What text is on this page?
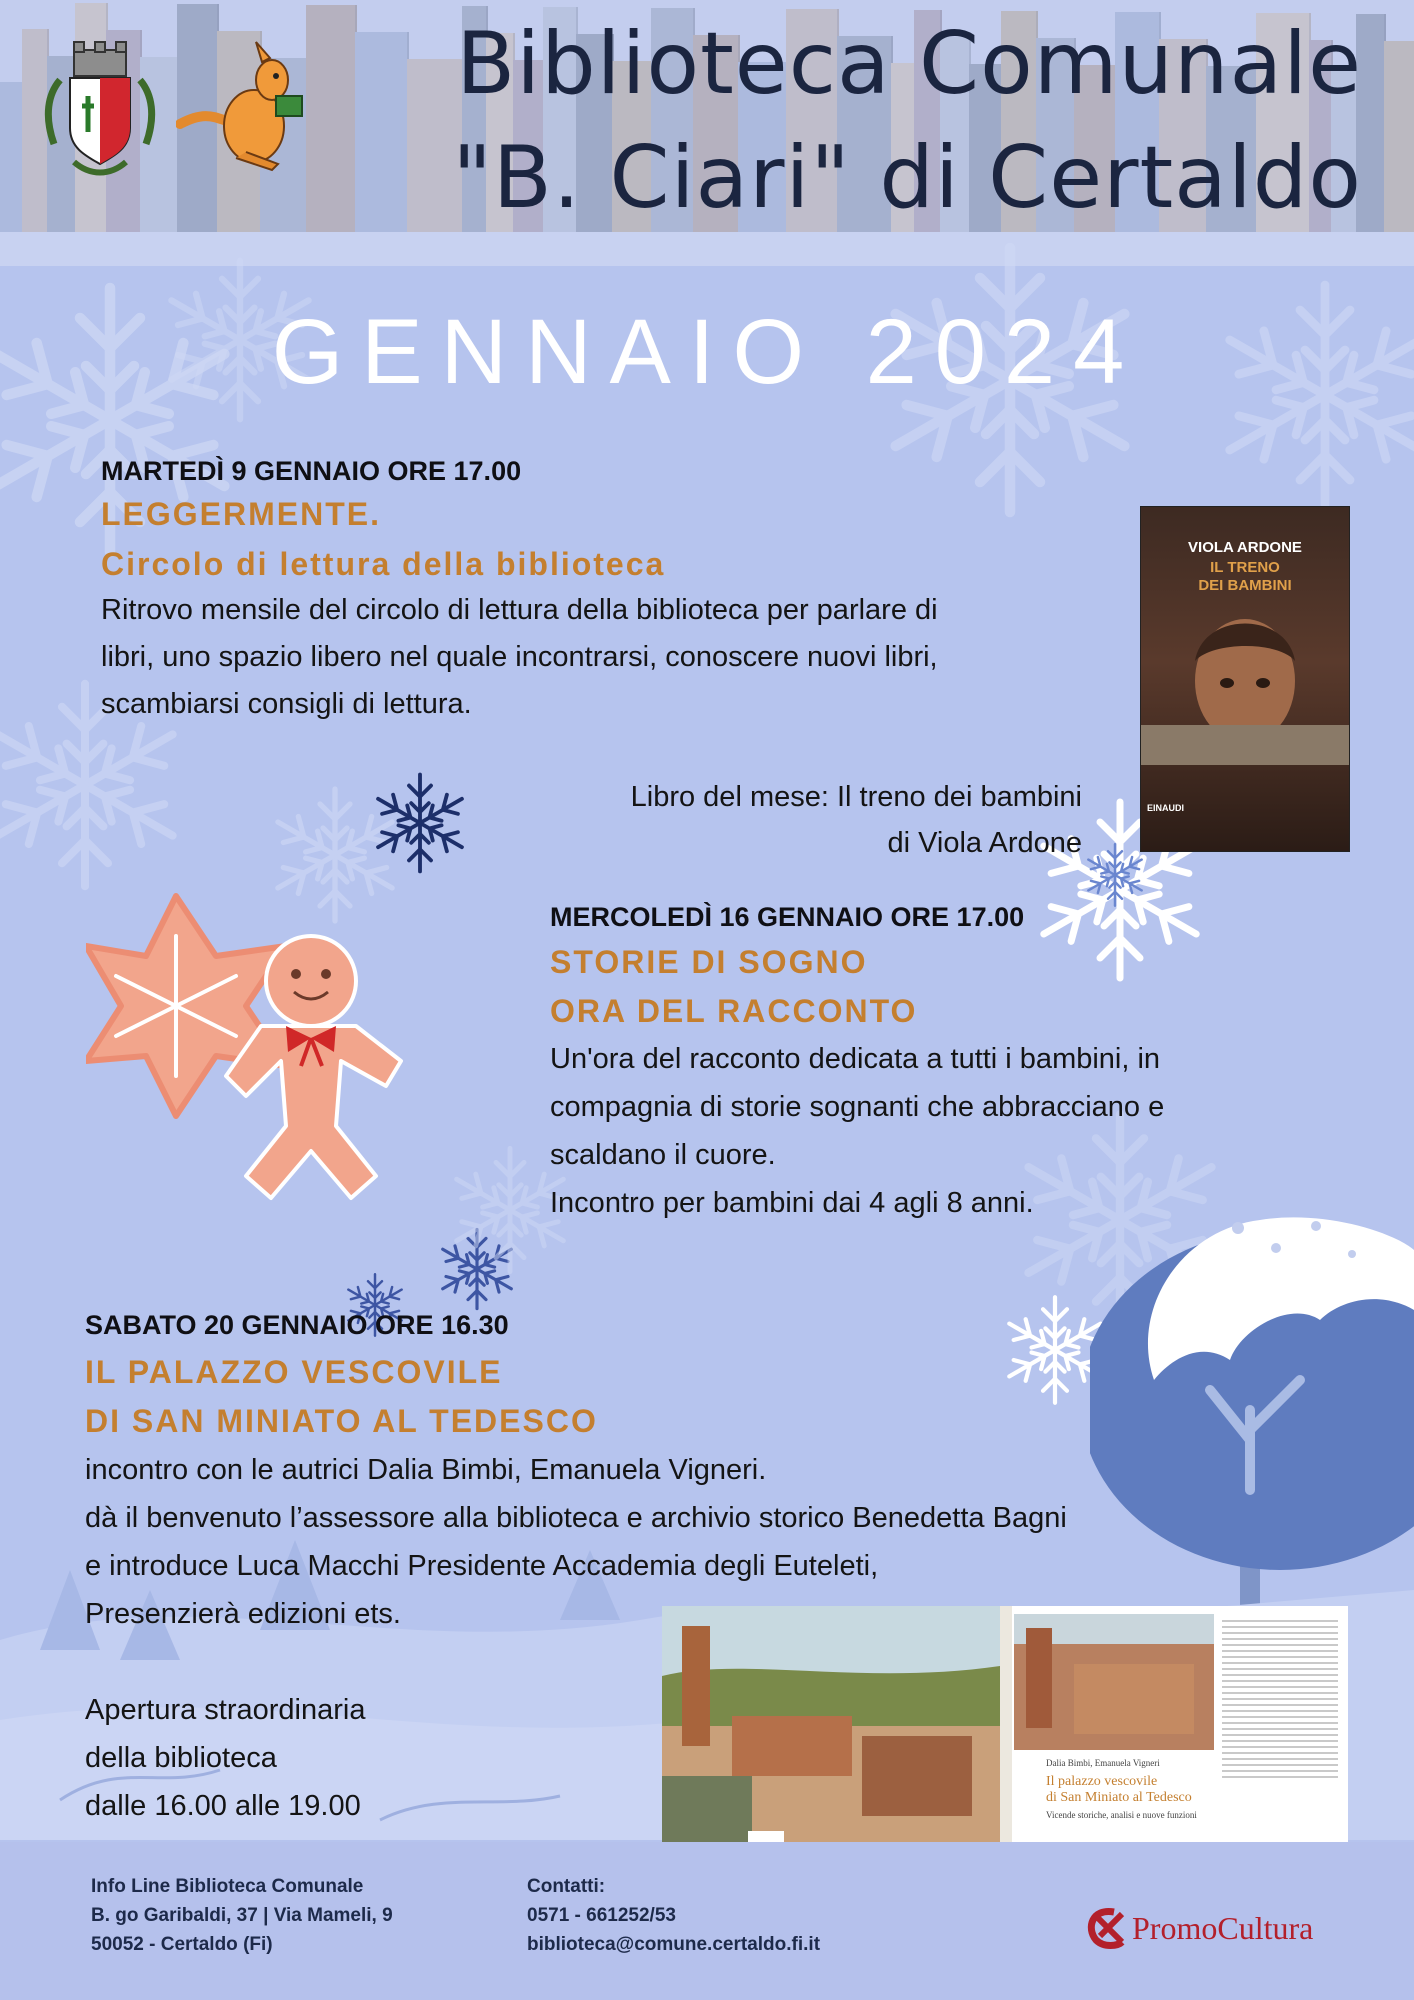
Biblioteca Comunale
"B. Ciari" di Certaldo
GENNAIO 2024
MARTEDÌ 9 GENNAIO ORE 17.00
LEGGERMENTE.
Circolo di lettura della biblioteca
Ritrovo mensile del circolo di lettura della biblioteca per parlare di
libri, uno spazio libero nel quale incontrarsi, conoscere nuovi libri,
scambiarsi consigli di lettura.
Libro del mese: Il treno dei bambini
di Viola Ardone
VIOLA ARDONE
IL TRENO
DEI BAMBINI
EINAUDI
MERCOLEDÌ 16 GENNAIO ORE 17.00
STORIE DI SOGNO
ORA DEL RACCONTO
Un'ora del racconto dedicata a tutti i bambini, in
compagnia di storie sognanti che abbracciano e
scaldano il cuore.
Incontro per bambini dai 4 agli 8 anni.
SABATO 20 GENNAIO ORE 16.30
IL PALAZZO VESCOVILE
DI SAN MINIATO AL TEDESCO
incontro con le autrici Dalia Bimbi, Emanuela Vigneri.
dà il benvenuto l’assessore alla biblioteca e archivio storico Benedetta Bagni
e introduce Luca Macchi Presidente Accademia degli Euteleti,
Presenzierà edizioni ets.
Apertura straordinaria
della biblioteca
dalle 16.00 alle 19.00
Dalia Bimbi, Emanuela Vigneri
Il palazzo vescovile
di San Miniato al Tedesco
Vicende storiche, analisi e nuove funzioni
Info Line Biblioteca Comunale
B. go Garibaldi, 37 | Via Mameli, 9
50052 - Certaldo (Fi)
Contatti:
0571 - 661252/53
biblioteca@comune.certaldo.fi.it	PromoCultura
